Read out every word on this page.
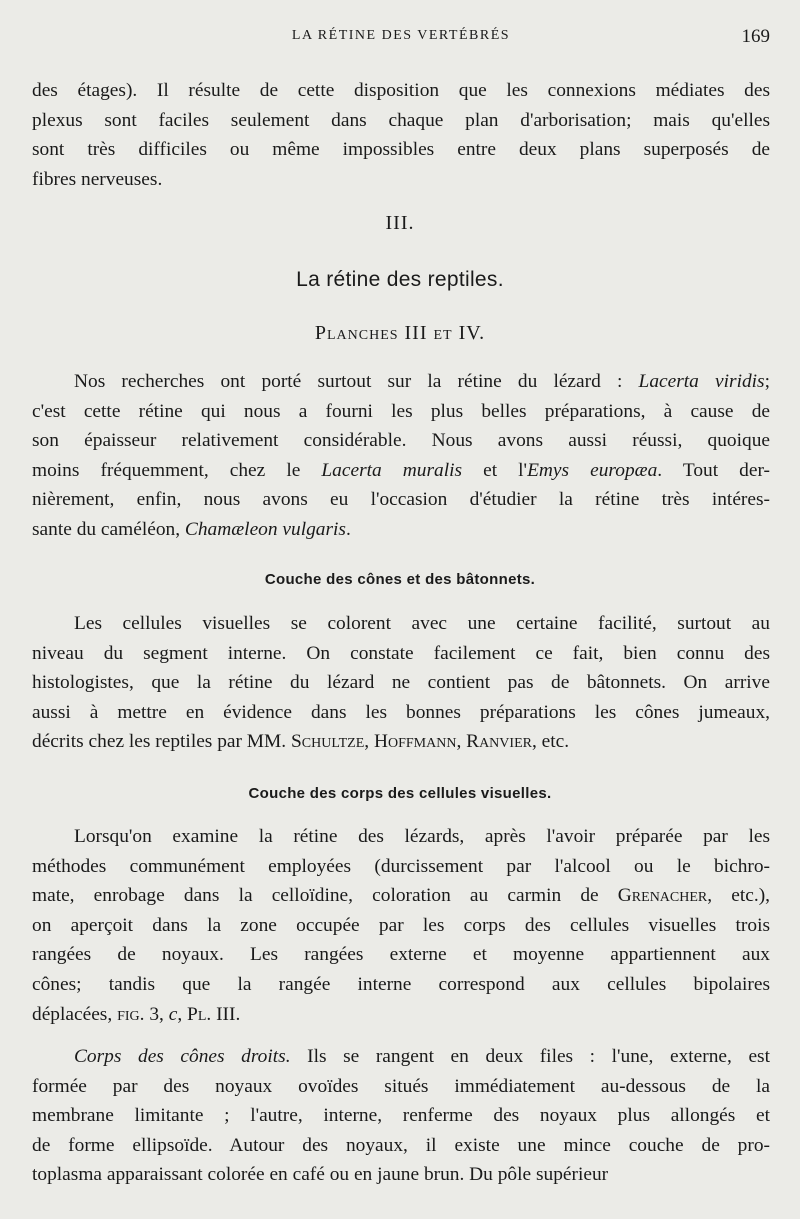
LA RÉTINE DES VERTÉBRÉS	169
des étages). Il résulte de cette disposition que les connexions médiates des
plexus sont faciles seulement dans chaque plan d'arborisation; mais qu'elles
sont très difficiles ou même impossibles entre deux plans superposés de
fibres nerveuses.
III.
La rétine des reptiles.
Planches III et IV.
Nos recherches ont porté surtout sur la rétine du lézard : Lacerta viridis;
c'est cette rétine qui nous a fourni les plus belles préparations, à cause de
son épaisseur relativement considérable. Nous avons aussi réussi, quoique
moins fréquemment, chez le Lacerta muralis et l'Emys europæa. Tout der-
nièrement, enfin, nous avons eu l'occasion d'étudier la rétine très intéres-
sante du caméléon, Chamæleon vulgaris.
Couche des cônes et des bâtonnets.
Les cellules visuelles se colorent avec une certaine facilité, surtout au
niveau du segment interne. On constate facilement ce fait, bien connu des
histologistes, que la rétine du lézard ne contient pas de bâtonnets. On arrive
aussi à mettre en évidence dans les bonnes préparations les cônes jumeaux,
décrits chez les reptiles par MM. Schultze, Hoffmann, Ranvier, etc.
Couche des corps des cellules visuelles.
Lorsqu'on examine la rétine des lézards, après l'avoir préparée par les
méthodes communément employées (durcissement par l'alcool ou le bichro-
mate, enrobage dans la celloïdine, coloration au carmin de Grenacher, etc.),
on aperçoit dans la zone occupée par les corps des cellules visuelles trois
rangées de noyaux. Les rangées externe et moyenne appartiennent aux
cônes; tandis que la rangée interne correspond aux cellules bipolaires
déplacées, fig. 3, c, Pl. III.
Corps des cônes droits. Ils se rangent en deux files : l'une, externe, est
formée par des noyaux ovoïdes situés immédiatement au-dessous de la
membrane limitante ; l'autre, interne, renferme des noyaux plus allongés et
de forme ellipsoïde. Autour des noyaux, il existe une mince couche de pro-
toplasma apparaissant colorée en café ou en jaune brun. Du pôle supérieur
